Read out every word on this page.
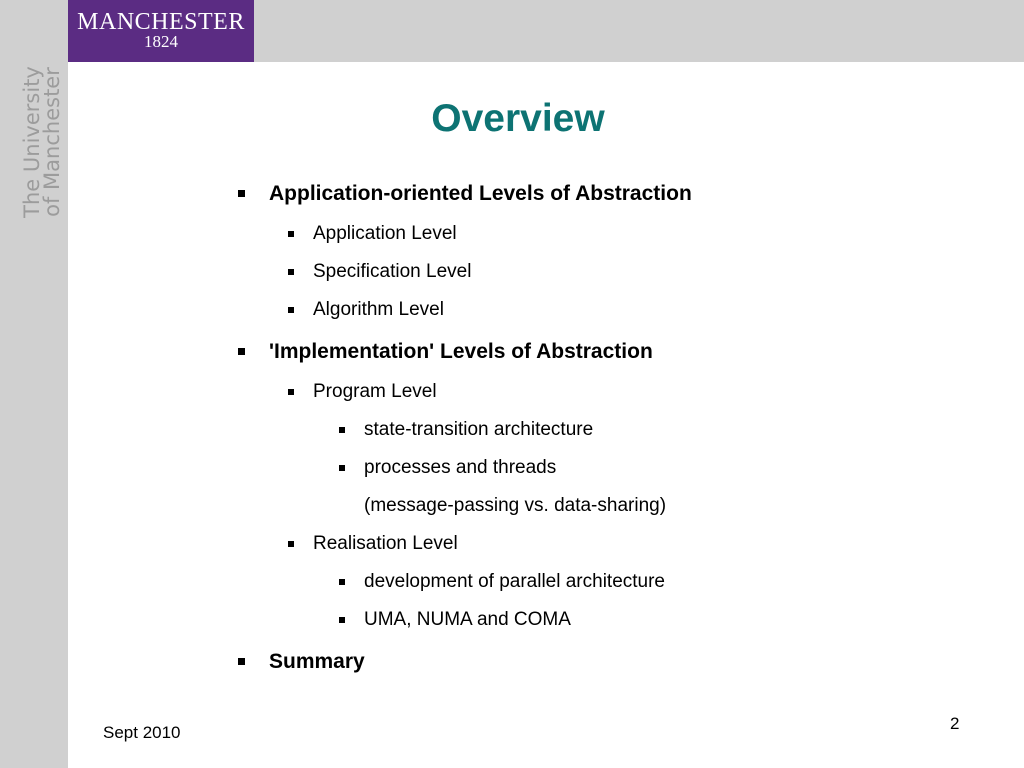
MANCHESTER
1824
The University
of Manchester	Overview
Application-oriented Levels of Abstraction
Application Level
Specification Level
Algorithm Level
'Implementation' Levels of Abstraction
Program Level
state-transition architecture
processes and threads
(message-passing vs. data-sharing)
Realisation Level
development of parallel architecture
UMA, NUMA and COMA
Summary
Sept 2010	2
